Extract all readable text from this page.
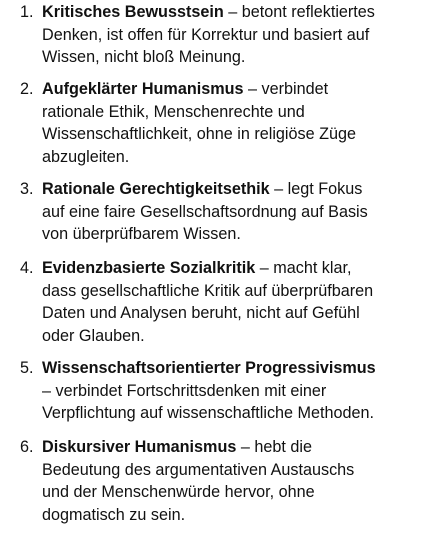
1. Kritisches Bewusstsein – betont reflektiertes
Denken, ist offen für Korrektur und basiert auf
Wissen, nicht bloß Meinung.
2. Aufgeklärter Humanismus – verbindet
rationale Ethik, Menschenrechte und
Wissenschaftlichkeit, ohne in religiöse Züge
abzugleiten.
3. Rationale Gerechtigkeitsethik – legt Fokus
auf eine faire Gesellschaftsordnung auf Basis
von überprüfbarem Wissen.
4. Evidenzbasierte Sozialkritik – macht klar,
dass gesellschaftliche Kritik auf überprüfbaren
Daten und Analysen beruht, nicht auf Gefühl
oder Glauben.
5. Wissenschaftsorientierter Progressivismus
– verbindet Fortschrittsdenken mit einer
Verpflichtung auf wissenschaftliche Methoden.
6. Diskursiver Humanismus – hebt die
Bedeutung des argumentativen Austauschs
und der Menschenwürde hervor, ohne
dogmatisch zu sein.
